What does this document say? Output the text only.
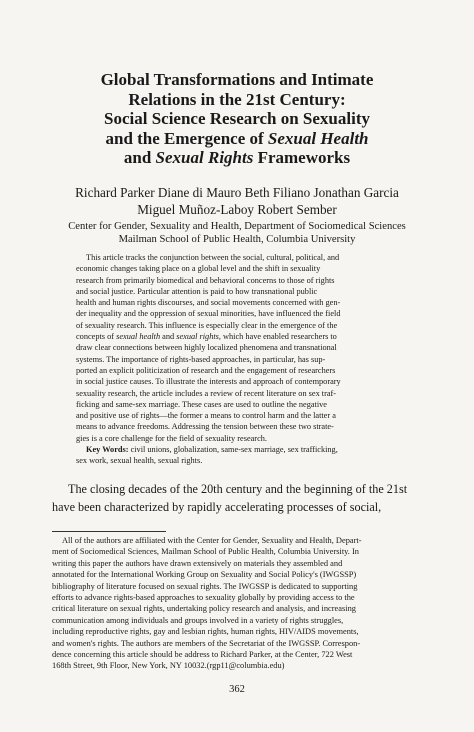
Global Transformations and Intimate
Relations in the 21st Century:
Social Science Research on Sexuality
and the Emergence of Sexual Health
and Sexual Rights Frameworks
Richard Parker Diane di Mauro Beth Filiano Jonathan Garcia
Miguel Muñoz-Laboy Robert Sember
Center for Gender, Sexuality and Health, Department of Sociomedical Sciences
Mailman School of Public Health, Columbia University
This article tracks the conjunction between the social, cultural, political, and
economic changes taking place on a global level and the shift in sexuality
research from primarily biomedical and behavioral concerns to those of rights
and social justice. Particular attention is paid to how transnational public
health and human rights discourses, and social movements concerned with gen-
der inequality and the oppression of sexual minorities, have influenced the field
of sexuality research. This influence is especially clear in the emergence of the
concepts of sexual health and sexual rights, which have enabled researchers to
draw clear connections between highly localized phenomena and transnational
systems. The importance of rights-based approaches, in particular, has sup-
ported an explicit politicization of research and the engagement of researchers
in social justice causes. To illustrate the interests and approach of contemporary
sexuality research, the article includes a review of recent literature on sex traf-
ficking and same-sex marriage. These cases are used to outline the negative
and positive use of rights—the former a means to control harm and the latter a
means to advance freedoms. Addressing the tension between these two strate-
gies is a core challenge for the field of sexuality research.
Key Words: civil unions, globalization, same-sex marriage, sex trafficking,
sex work, sexual health, sexual rights.
The closing decades of the 20th century and the beginning of the 21st
have been characterized by rapidly accelerating processes of social,
All of the authors are affiliated with the Center for Gender, Sexuality and Health, Depart-
ment of Sociomedical Sciences, Mailman School of Public Health, Columbia University. In
writing this paper the authors have drawn extensively on materials they assembled and
annotated for the International Working Group on Sexuality and Social Policy's (IWGSSP)
bibliography of literature focused on sexual rights. The IWGSSP is dedicated to supporting
efforts to advance rights-based approaches to sexuality globally by providing access to the
critical literature on sexual rights, undertaking policy research and analysis, and increasing
communication among individuals and groups involved in a variety of rights struggles,
including reproductive rights, gay and lesbian rights, human rights, HIV/AIDS movements,
and women's rights. The authors are members of the Secretariat of the IWGSSP. Correspon-
dence concerning this article should be address to Richard Parker, at the Center, 722 West
168th Street, 9th Floor, New York, NY 10032.(rgp11@columbia.edu)
362
